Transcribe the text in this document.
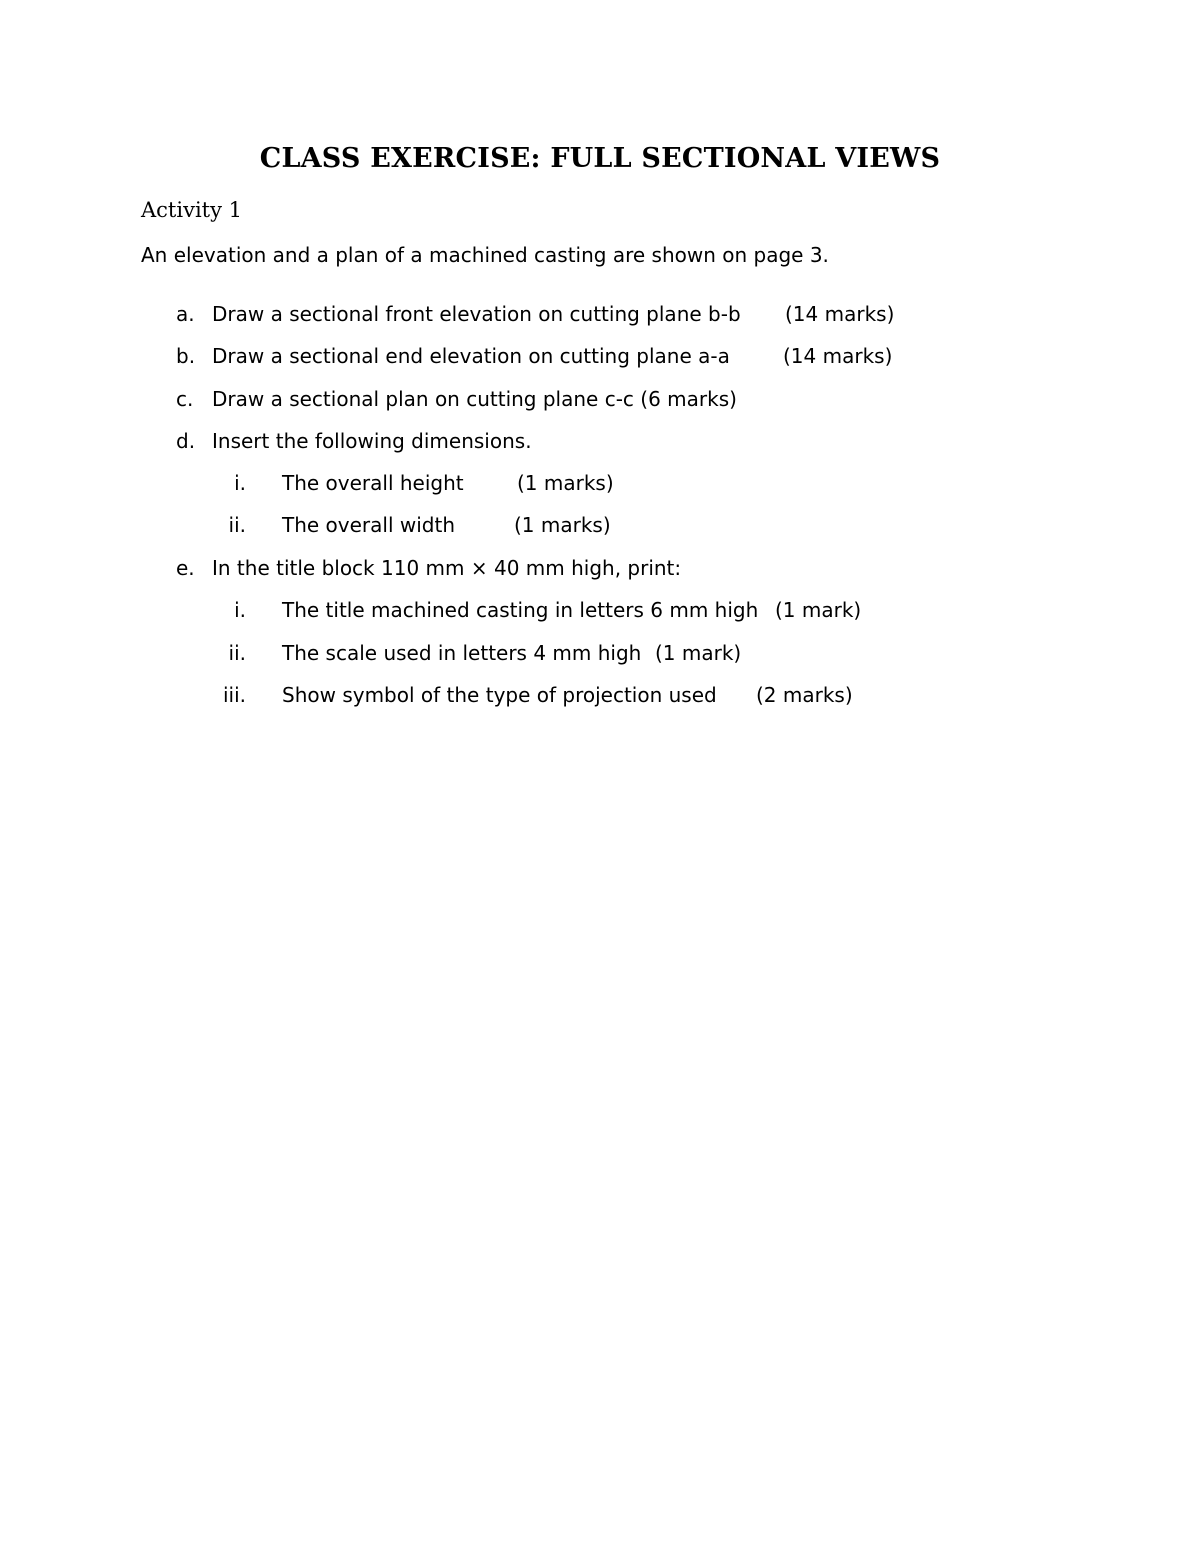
CLASS EXERCISE: FULL SECTIONAL VIEWS

Activity 1

An elevation and a plan of a machined casting are shown on page 3.

a. Draw a sectional front elevation on cutting plane b-b (14 marks)
b. Draw a sectional end elevation on cutting plane a-a	(14 marks)
c. Draw a sectional plan on cutting plane c-c (6 marks)
d. Insert the following dimensions.
i. The overall height	(1 marks)
ii. The overall width	(1 marks)
e. In the title block 110 mm × 40 mm high, print:
i. The title machined casting in letters 6 mm high (1 mark)
ii. The scale used in letters 4 mm high (1 mark)
iii. Show symbol of the type of projection used (2 marks)
